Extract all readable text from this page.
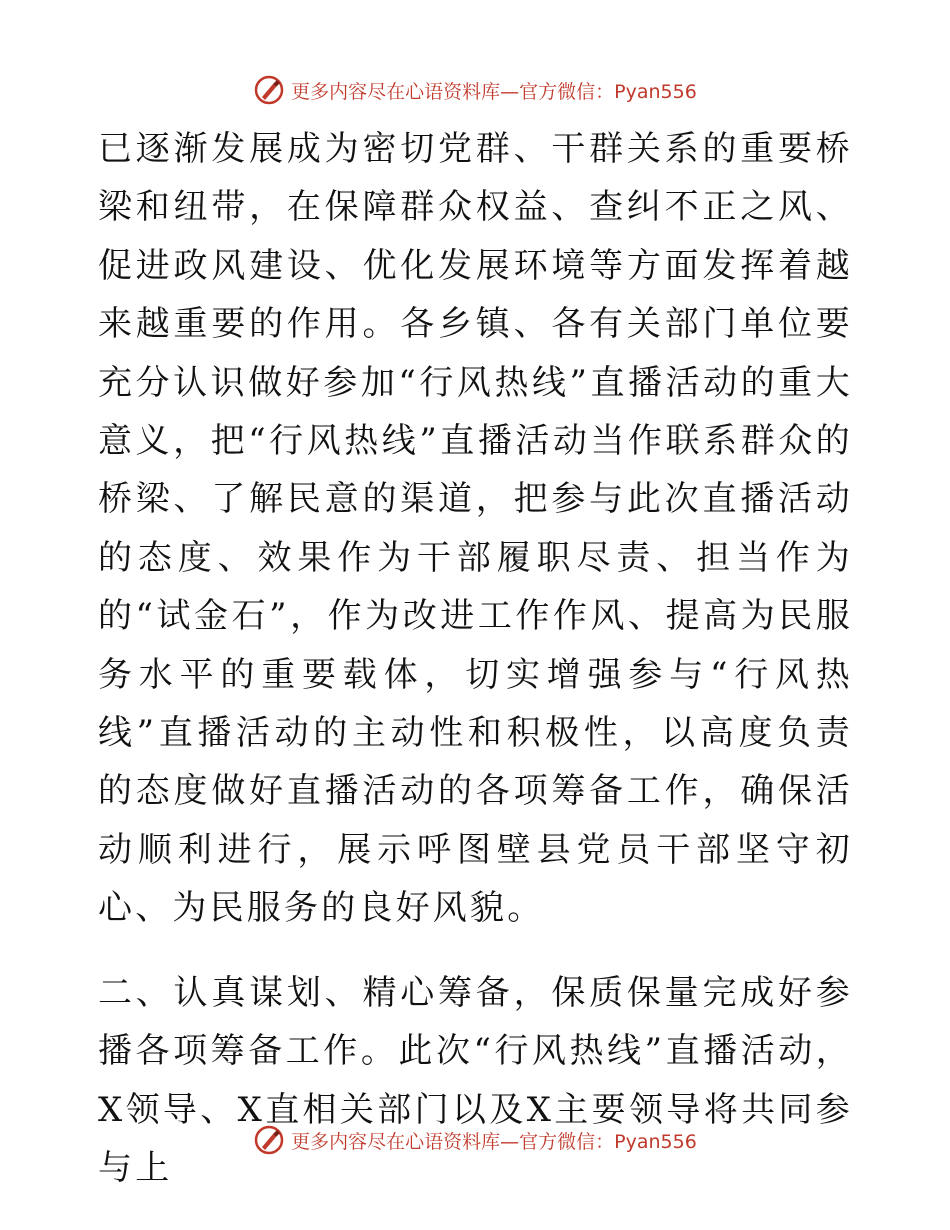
更多内容尽在心语资料库—官方微信：Pyan556

已逐渐发展成为密切党群、干群关系的重要桥梁和纽带，在保障群众权益、查纠不正之风、促进政风建设、优化发展环境等方面发挥着越来越重要的作用。各乡镇、各有关部门单位要充分认识做好参加“行风热线”直播活动的重大意义，把“行风热线”直播活动当作联系群众的桥梁、了解民意的渠道，把参与此次直播活动的态度、效果作为干部履职尽责、担当作为的“试金石”，作为改进工作作风、提高为民服务水平的重要载体，切实增强参与“行风热线”直播活动的主动性和积极性，以高度负责的态度做好直播活动的各项筹备工作，确保活动顺利进行，展示呼图壁县党员干部坚守初心、为民服务的良好风貌。

二、认真谋划、精心筹备，保质保量完成好参播各项筹备工作。此次“行风热线”直播活动，X领导、X直相关部门以及X主要领导将共同参与上

更多内容尽在心语资料库—官方微信：Pyan556
